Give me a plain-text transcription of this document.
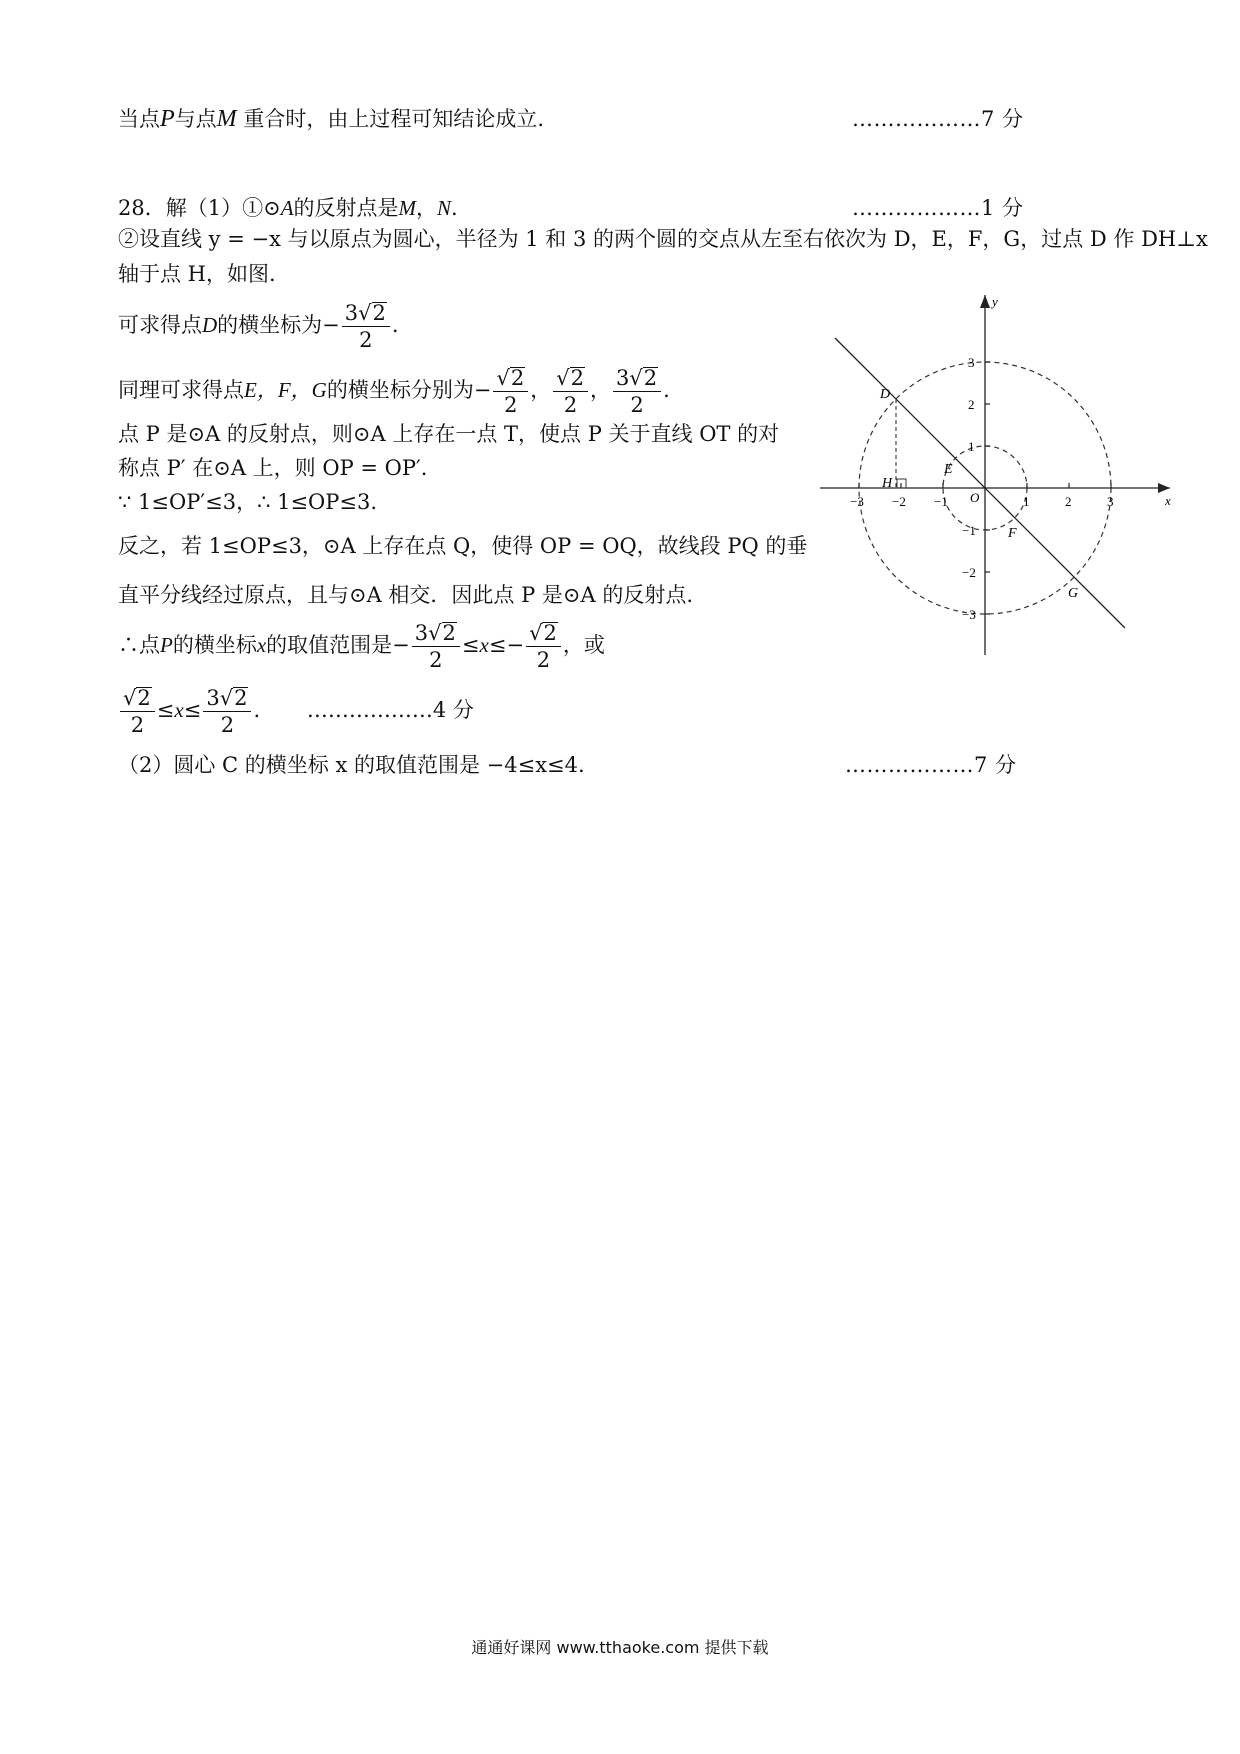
当点P与点M 重合时，由上过程可知结论成立.	………………7 分
28．解（1）①⊙A的反射点是M，N.	………………1 分
②设直线 y = −x 与以原点为圆心，半径为 1 和 3 的两个圆的交点从左至右依次为 D，E，F，G，过点 D 作 DH⊥x
轴于点 H，如图.
可求得点D的横坐标为− $\frac{3√2}{2}$ .
同理可求得点E，F，G的横坐标分别为− $\frac{√2}{2}$ ， $\frac{√2}{2}$ ， $\frac{3√2}{2}$ .
点 P 是⊙A 的反射点，则⊙A 上存在一点 T，使点 P 关于直线 OT 的对
称点 P′ 在⊙A 上，则 OP = OP′.
∵ 1≤OP′≤3，∴ 1≤OP≤3.
反之，若 1≤OP≤3，⊙A 上存在点 Q，使得 OP = OQ，故线段 PQ 的垂
直平分线经过原点，且与⊙A 相交．因此点 P 是⊙A 的反射点.
∴点P的横坐标x的取值范围是− $\frac{3√2}{2} \le x\le- \frac{√2}{2}$ ，或
$\frac{√2}{2} \le x\le \frac{3√2}{2}$ . ………………4 分
（2）圆心 C 的横坐标 x 的取值范围是 −4≤x≤4.	………………7 分
x
y
−3 −2 −1	1	2	3
3
2
1
−1
−2
−3
O
D
E
F
G
H
通通好课网 www.tthaoke.com 提供下载
